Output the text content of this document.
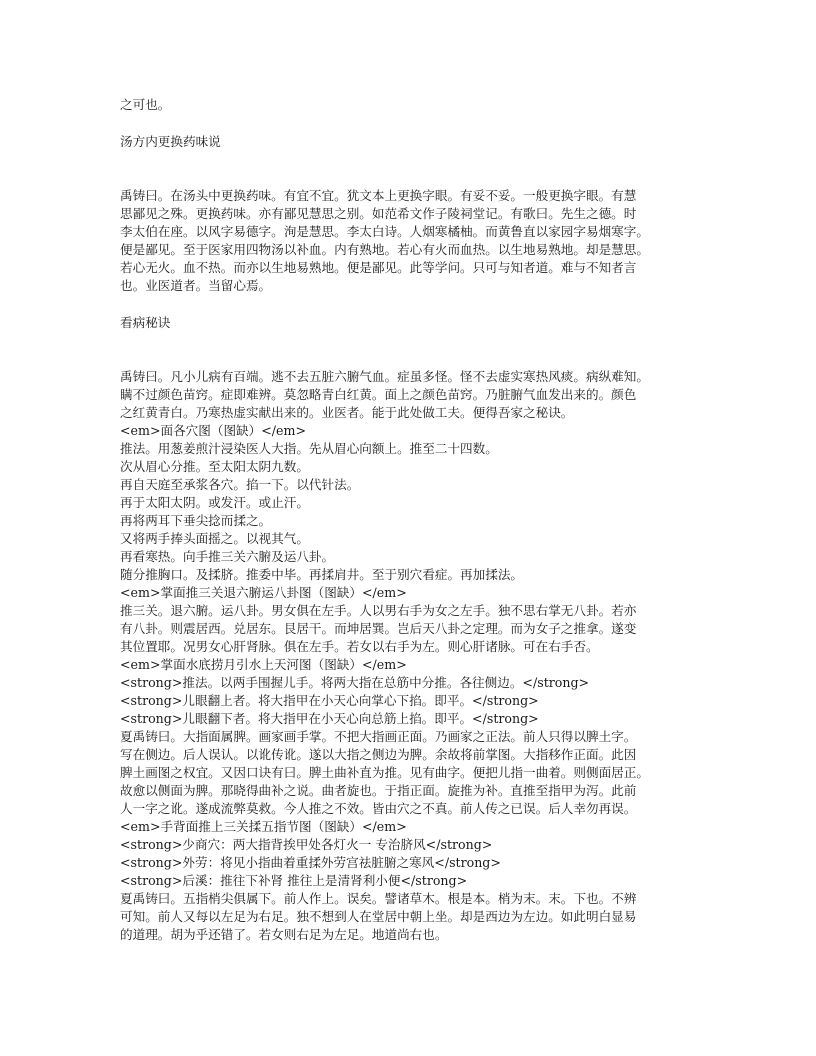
之可也。

汤方内更换药味说

禹铸曰。在汤头中更换药味。有宜不宜。犹文本上更换字眼。有妥不妥。一般更换字眼。有慧

思鄙见之殊。更换药味。亦有鄙见慧思之别。如范希文作子陵祠堂记。有歌曰。先生之德。时

李太伯在座。以风字易德字。洵是慧思。李太白诗。人烟寒橘柚。而黄鲁直以家园字易烟寒字。

便是鄙见。至于医家用四物汤以补血。内有熟地。若心有火而血热。以生地易熟地。却是慧思。

若心无火。血不热。而亦以生地易熟地。便是鄙见。此等学问。只可与知者道。难与不知者言

也。业医道者。当留心焉。

看病秘诀

禹铸曰。凡小儿病有百端。逃不去五脏六腑气血。症虽多怪。怪不去虚实寒热风痰。病纵难知。

瞒不过颜色苗窍。症即难辨。莫忽略青白红黄。面上之颜色苗窍。乃脏腑气血发出来的。颜色

之红黄青白。乃寒热虚实献出来的。业医者。能于此处做工夫。便得吾家之秘诀。

<em>面各穴图（图缺）</em>

推法。用葱姜煎汁浸染医人大指。先从眉心向额上。推至二十四数。

次从眉心分推。至太阳太阴九数。

再自天庭至承浆各穴。掐一下。以代针法。

再于太阳太阴。或发汗。或止汗。

再将两耳下垂尖捻而揉之。

又将两手捧头面摇之。以视其气。

再看寒热。向手推三关六腑及运八卦。

随分推胸口。及揉脐。推委中毕。再揉肩井。至于别穴看症。再加揉法。

<em>掌面推三关退六腑运八卦图（图缺）</em>

推三关。退六腑。运八卦。男女俱在左手。人以男右手为女之左手。独不思右掌无八卦。若亦

有八卦。则震居西。兑居东。艮居干。而坤居巽。岂后天八卦之定理。而为女子之推拿。遂变

其位置耶。况男女心肝肾脉。俱在左手。若女以右手为左。则心肝诸脉。可在右手否。

<em>掌面水底捞月引水上天河图（图缺）</em>

<strong>推法。以两手围握儿手。将两大指在总筋中分推。各往侧边。</strong>

<strong>儿眼翻上者。将大指甲在小天心向掌心下掐。即平。</strong>

<strong>儿眼翻下者。将大指甲在小天心向总筋上掐。即平。</strong>

夏禹铸曰。大指面属脾。画家画手掌。不把大指画正面。乃画家之正法。前人只得以脾土字。

写在侧边。后人误认。以讹传讹。遂以大指之侧边为脾。余故将前掌图。大指移作正面。此因

脾土画图之权宜。又因口诀有曰。脾土曲补直为推。见有曲字。便把儿指一曲着。则侧面居正。

故愈以侧面为脾。那晓得曲补之说。曲者旋也。于指正面。旋推为补。直推至指甲为泻。此前

人一字之讹。遂成流弊莫救。今人推之不效。皆由穴之不真。前人传之已误。后人幸勿再误。

<em>手背面推上三关揉五指节图（图缺）</em>

<strong>少商穴：两大指背挨甲处各灯火一 专治脐风</strong>

<strong>外劳：将见小指曲着重揉外劳宫祛脏腑之寒风</strong>

<strong>后溪：推往下补肾 推往上是清肾利小便</strong>

夏禹铸曰。五指梢尖俱属下。前人作上。误矣。譬诸草木。根是本。梢为末。末。下也。不辨

可知。前人又每以左足为右足。独不想到人在堂居中朝上坐。却是西边为左边。如此明白显易

的道理。胡为乎还错了。若女则右足为左足。地道尚右也。
